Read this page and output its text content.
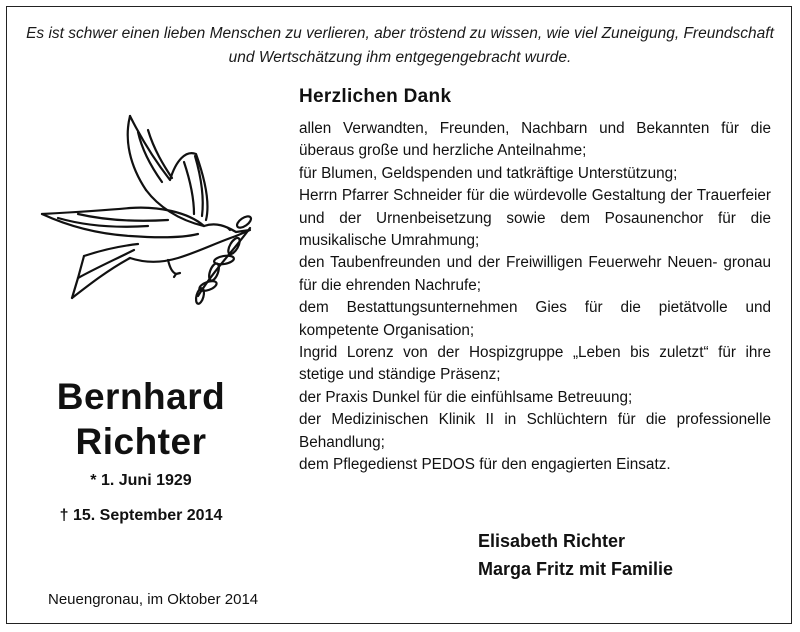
Es ist schwer einen lieben Menschen zu verlieren, aber tröstend zu wissen, wie viel Zuneigung, Freundschaft und Wertschätzung ihm entgegengebracht wurde.
Herzlichen Dank

allen Verwandten, Freunden, Nachbarn und Bekannten für die überaus große und herzliche Anteilnahme;

für Blumen, Geldspenden und tatkräftige Unterstützung;

Herrn Pfarrer Schneider für die würdevolle Gestaltung der Trauerfeier und der Urnenbeisetzung sowie dem Posaunenchor für die musikalische Umrahmung;

den Taubenfreunden und der Freiwilligen Feuerwehr Neuen- gronau für die ehrenden Nachrufe;

dem Bestattungsunternehmen Gies für die pietätvolle und kompetente Organisation;

Ingrid Lorenz von der Hospizgruppe „Leben bis zuletzt“ für ihre stetige und ständige Präsenz;

der Praxis Dunkel für die einfühlsame Betreuung;

der Medizinischen Klinik II in Schlüchtern für die professionelle Behandlung;

dem Pflegedienst PEDOS für den engagierten Einsatz.

Bernhard
Richter
* 1. Juni 1929
† 15. September 2014
Elisabeth Richter
Marga Fritz mit Familie
Neuengronau, im Oktober 2014
